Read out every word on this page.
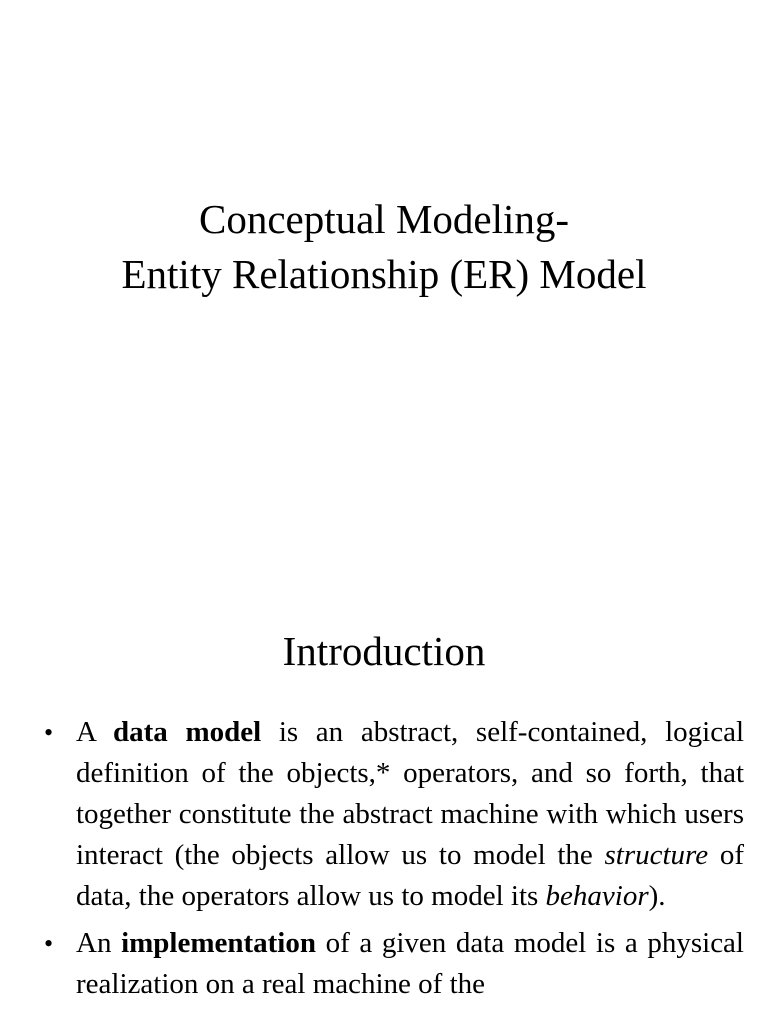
Conceptual Modeling-
Entity Relationship (ER) Model
Introduction
• A data model is an abstract, self-contained, logical definition of the objects,* operators, and so forth, that together constitute the abstract machine with which users interact (the objects allow us to model the structure of data, the operators allow us to model its behavior).
• An implementation of a given data model is a physical realization on a real machine of the
